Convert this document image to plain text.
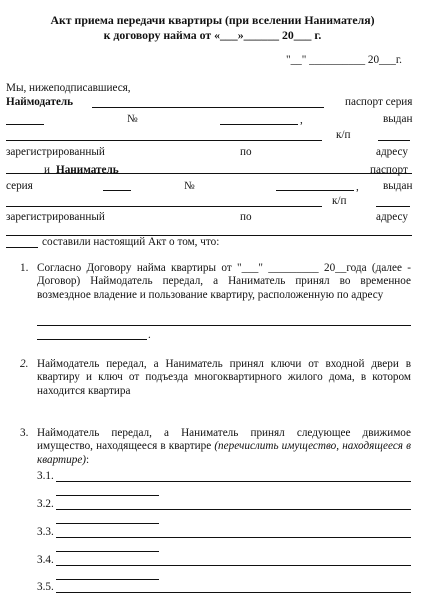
Акт приема передачи квартиры (при вселении Нанимателя)
к договору найма от «___»______ 20___ г.
"__" __________ 20___г.
Мы, нижеподписавшиеся,
Наймодатель	паспорт серия
№	,	выдан
к/п
зарегистрированный	по	адресу
и Наниматель	паспорт
серия	№	, выдан
к/п
зарегистрированный	по	адресу
составили настоящий Акт о том, что:
1. Согласно Договору найма квартиры от "___" _________ 20__года (далее - Договор) Наймодатель передал, а Наниматель принял во временное возмездное владение и пользование квартиру, расположенную по адресу
.
2. Наймодатель передал, а Наниматель принял ключи от входной двери в квартиру и ключ от подъезда многоквартирного жилого дома, в котором находится квартира
3. Наймодатель передал, а Наниматель принял следующее движимое имущество, находящееся в квартире (перечислить имущество, находящееся в квартире):
3.1.
3.2.
3.3.
3.4.
3.5.
